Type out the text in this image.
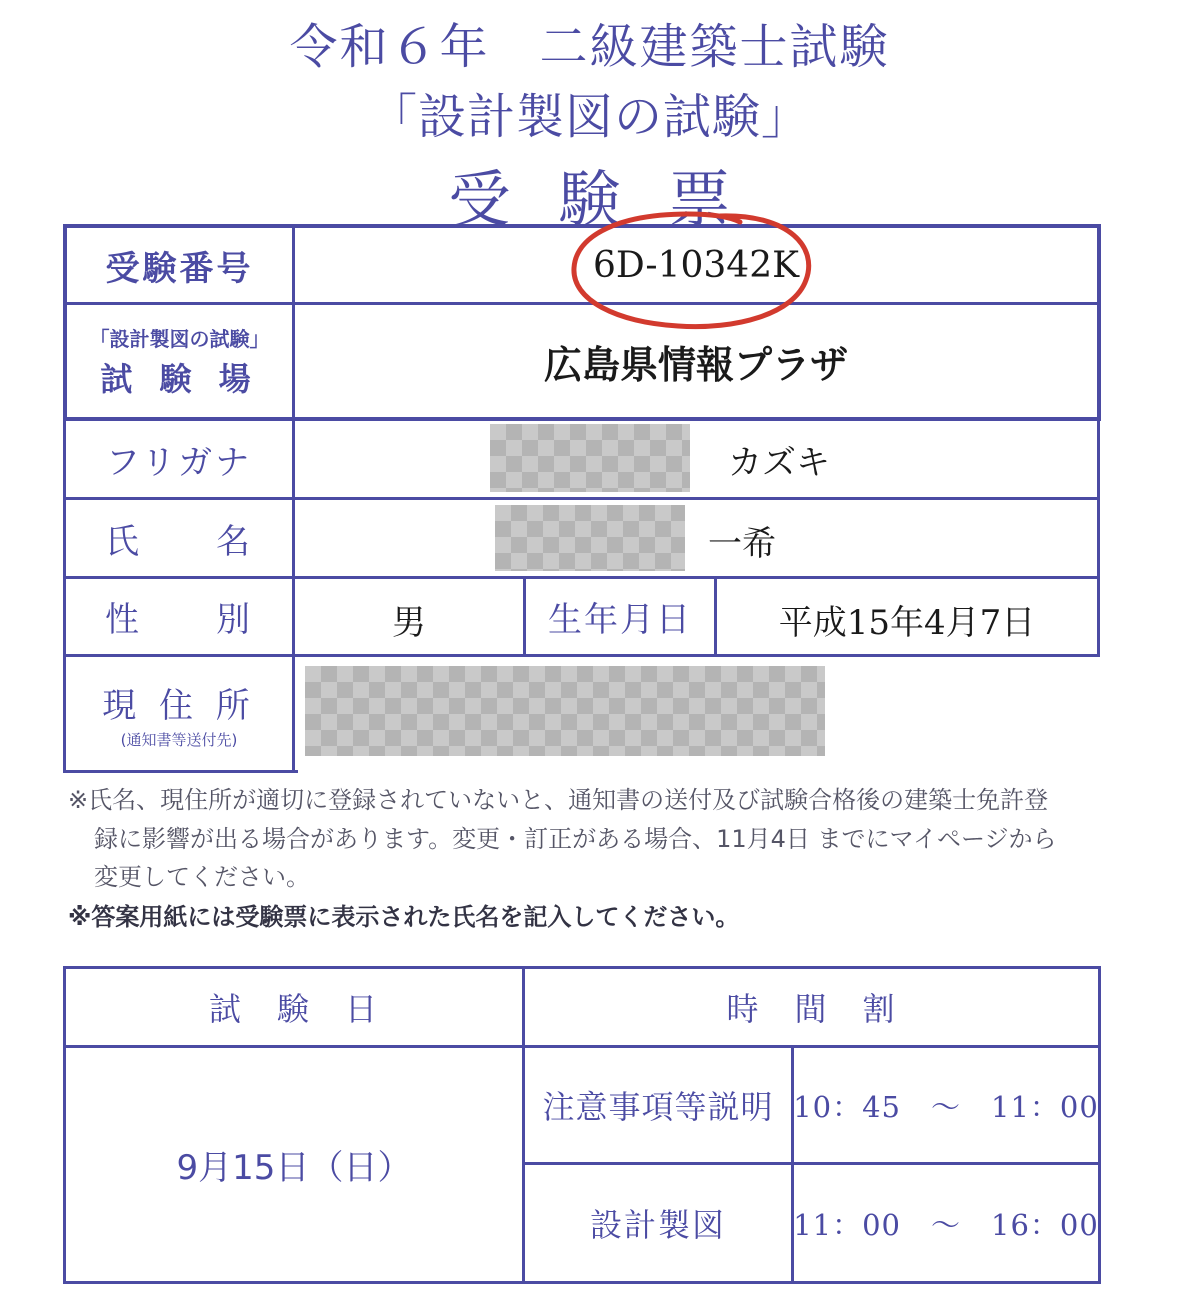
令和６年　二級建築士試験
「設計製図の試験」
受験票
受験番号	6D-10342K
「設計製図の試験」
試 験 場	広島県情報プラザ
フリガナ	カズキ
氏　　名	一希
性　　別	男	生年月日	平成15年4月7日
現 住 所
(通知書等送付先)
※氏名、現住所が適切に登録されていないと、通知書の送付及び試験合格後の建築士免許登
録に影響が出る場合があります。変更・訂正がある場合、11月4日 までにマイページから
変更してください。
※答案用紙には受験票に表示された氏名を記入してください。
試　験　日	時　間　割
9月15日（日）
注意事項等説明 10：45　〜　11：00
設計製図	11：00　〜　16：00
